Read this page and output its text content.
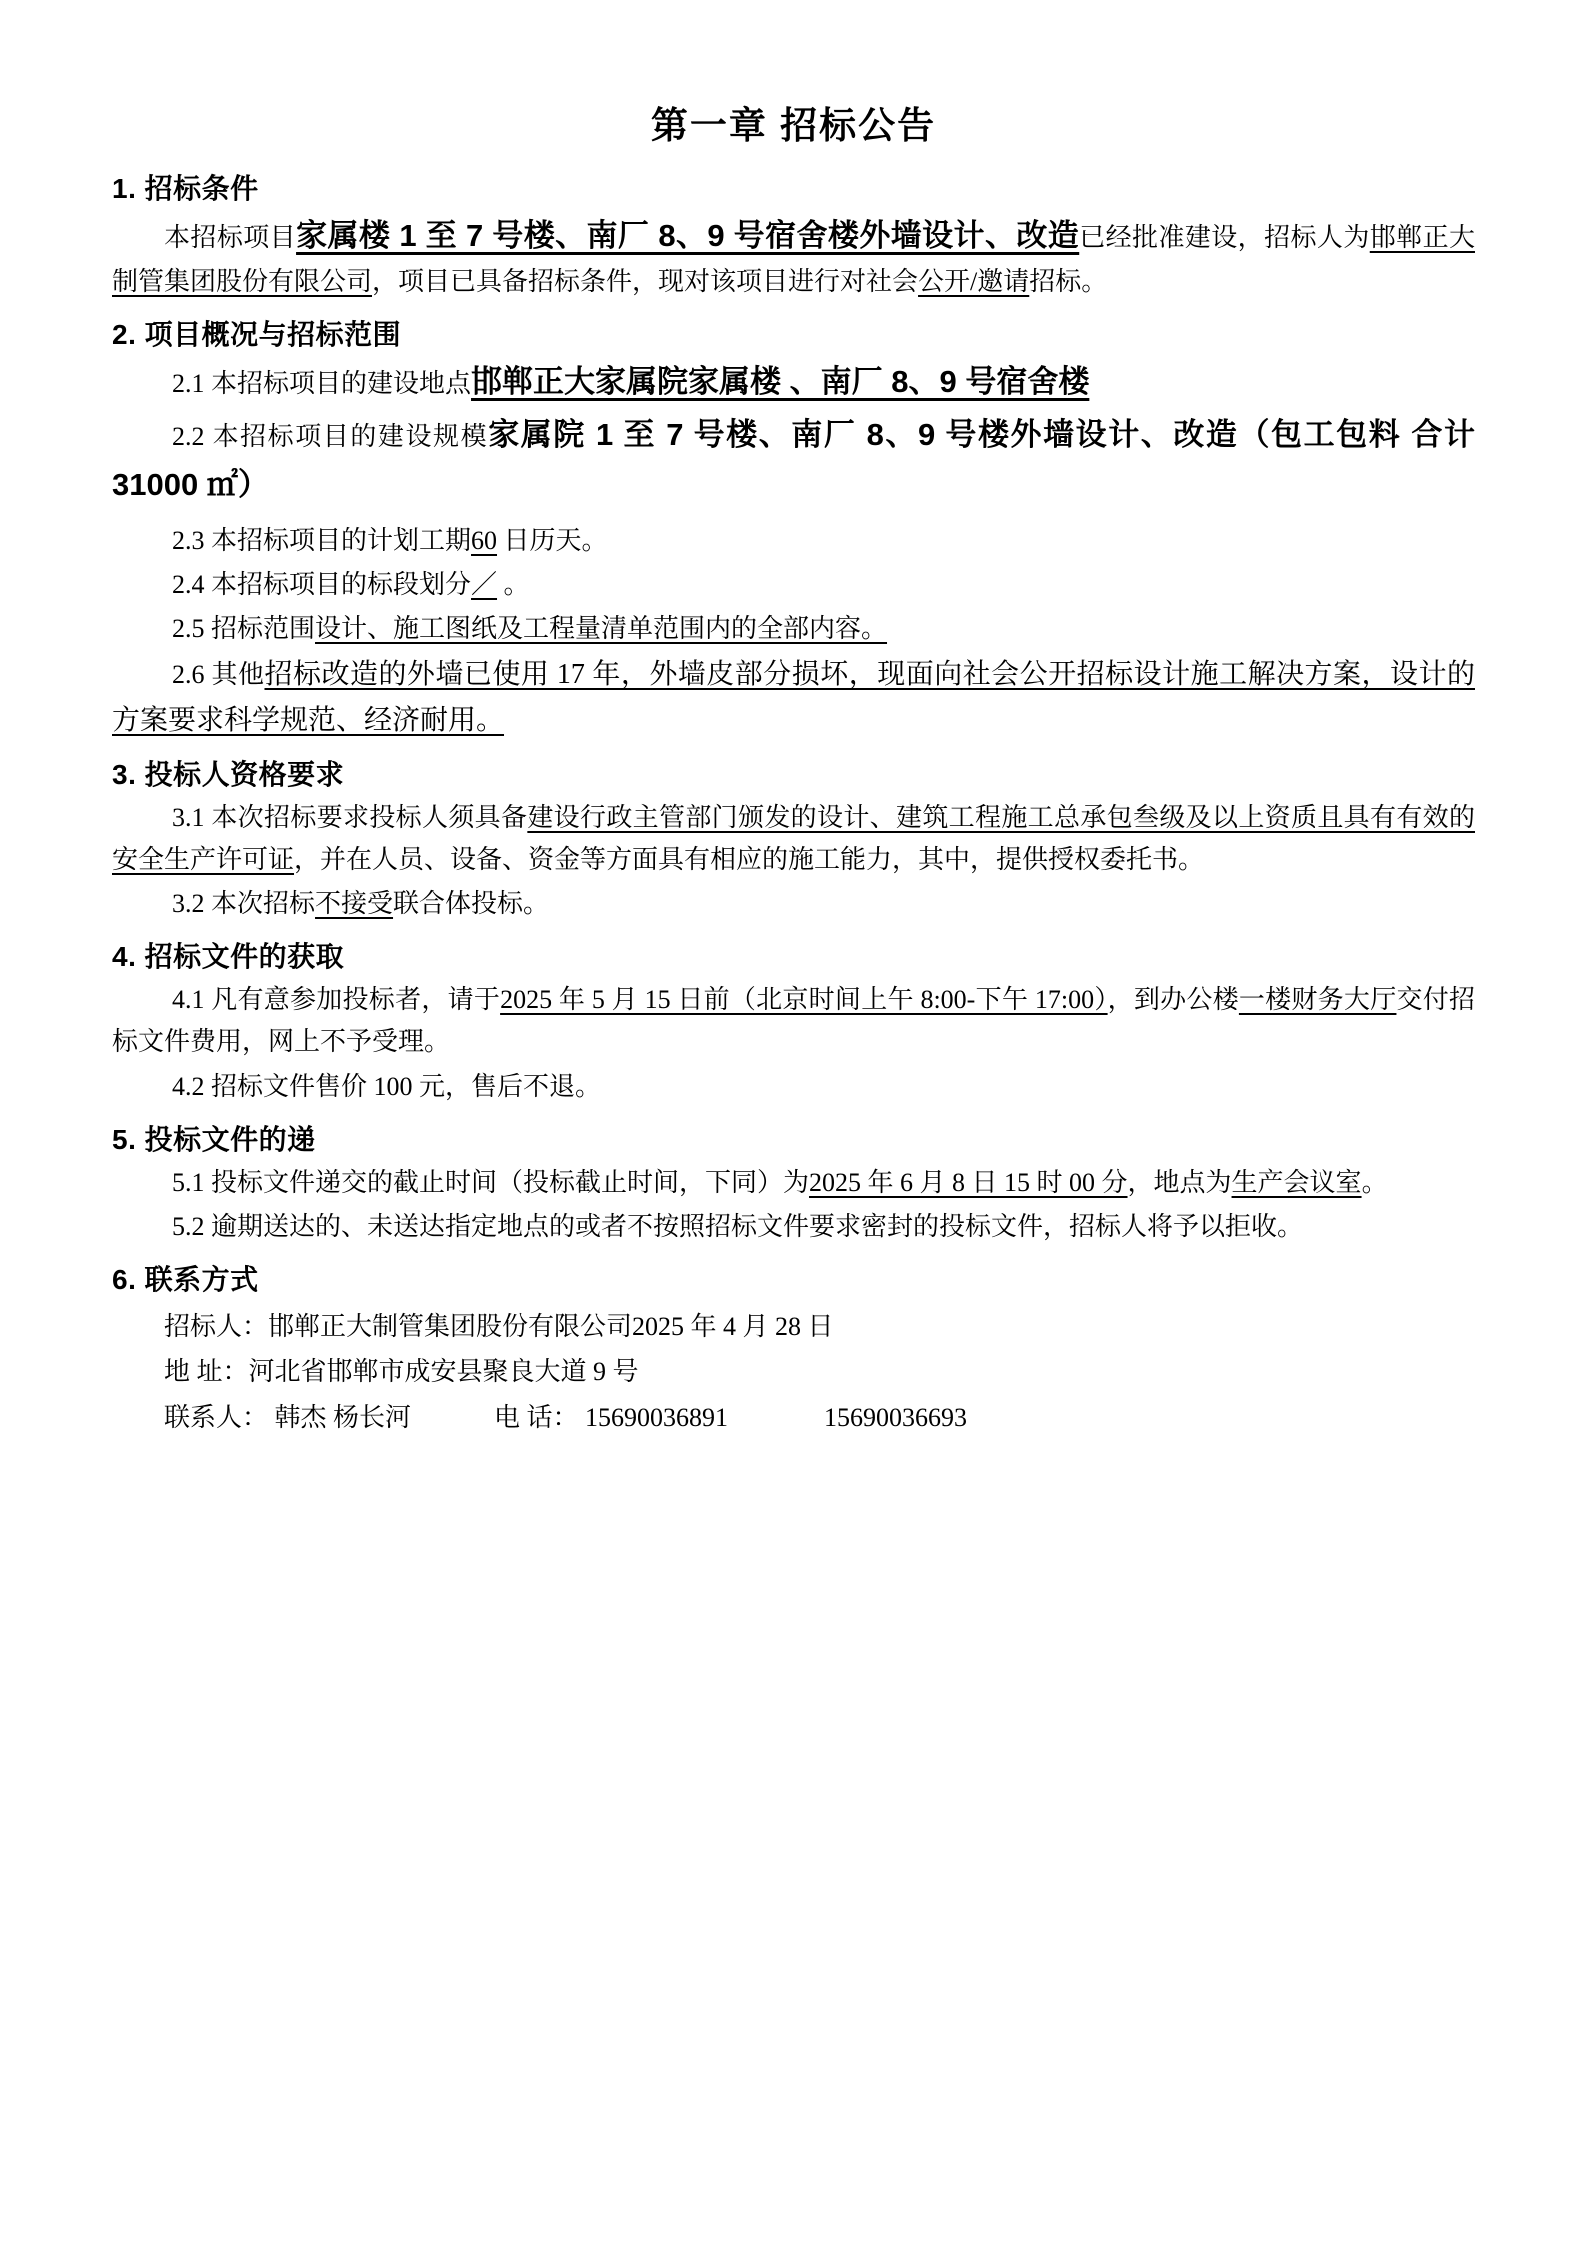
第一章 招标公告
1. 招标条件
本招标项目家属楼 1 至 7 号楼、南厂 8、9 号宿舍楼外墙设计、改造已经批准建设，招标人为邯郸正大制管集团股份有限公司，项目已具备招标条件，现对该项目进行对社会公开/邀请招标。
2. 项目概况与招标范围
2.1 本招标项目的建设地点邯郸正大家属院家属楼 、南厂 8、9 号宿舍楼
2.2 本招标项目的建设规模家属院 1 至 7 号楼、南厂 8、9 号楼外墙设计、改造（包工包料 合计 31000 ㎡）
2.3 本招标项目的计划工期60 日历天。
2.4 本招标项目的标段划分／ 。
2.5 招标范围设计、施工图纸及工程量清单范围内的全部内容。
2.6 其他招标改造的外墙已使用 17 年，外墙皮部分损坏，现面向社会公开招标设计施工解决方案，设计的方案要求科学规范、经济耐用。
3. 投标人资格要求
3.1 本次招标要求投标人须具备建设行政主管部门颁发的设计、建筑工程施工总承包叁级及以上资质且具有有效的安全生产许可证，并在人员、设备、资金等方面具有相应的施工能力，其中，提供授权委托书。
3.2 本次招标不接受联合体投标。
4. 招标文件的获取
4.1 凡有意参加投标者，请于2025 年 5 月 15 日前（北京时间上午 8:00-下午 17:00），到办公楼一楼财务大厅交付招标文件费用，网上不予受理。
4.2 招标文件售价 100 元，售后不退。
5. 投标文件的递
5.1 投标文件递交的截止时间（投标截止时间，下同）为2025 年 6 月 8 日 15 时 00 分，地点为生产会议室。
5.2 逾期送达的、未送达指定地点的或者不按照招标文件要求密封的投标文件，招标人将予以拒收。
6. 联系方式
招标人：邯郸正大制管集团股份有限公司 2025 年 4 月 28 日
地 址：河北省邯郸市成安县聚良大道 9 号
联系人： 韩杰 杨长河	电 话： 15690036891	15690036693
